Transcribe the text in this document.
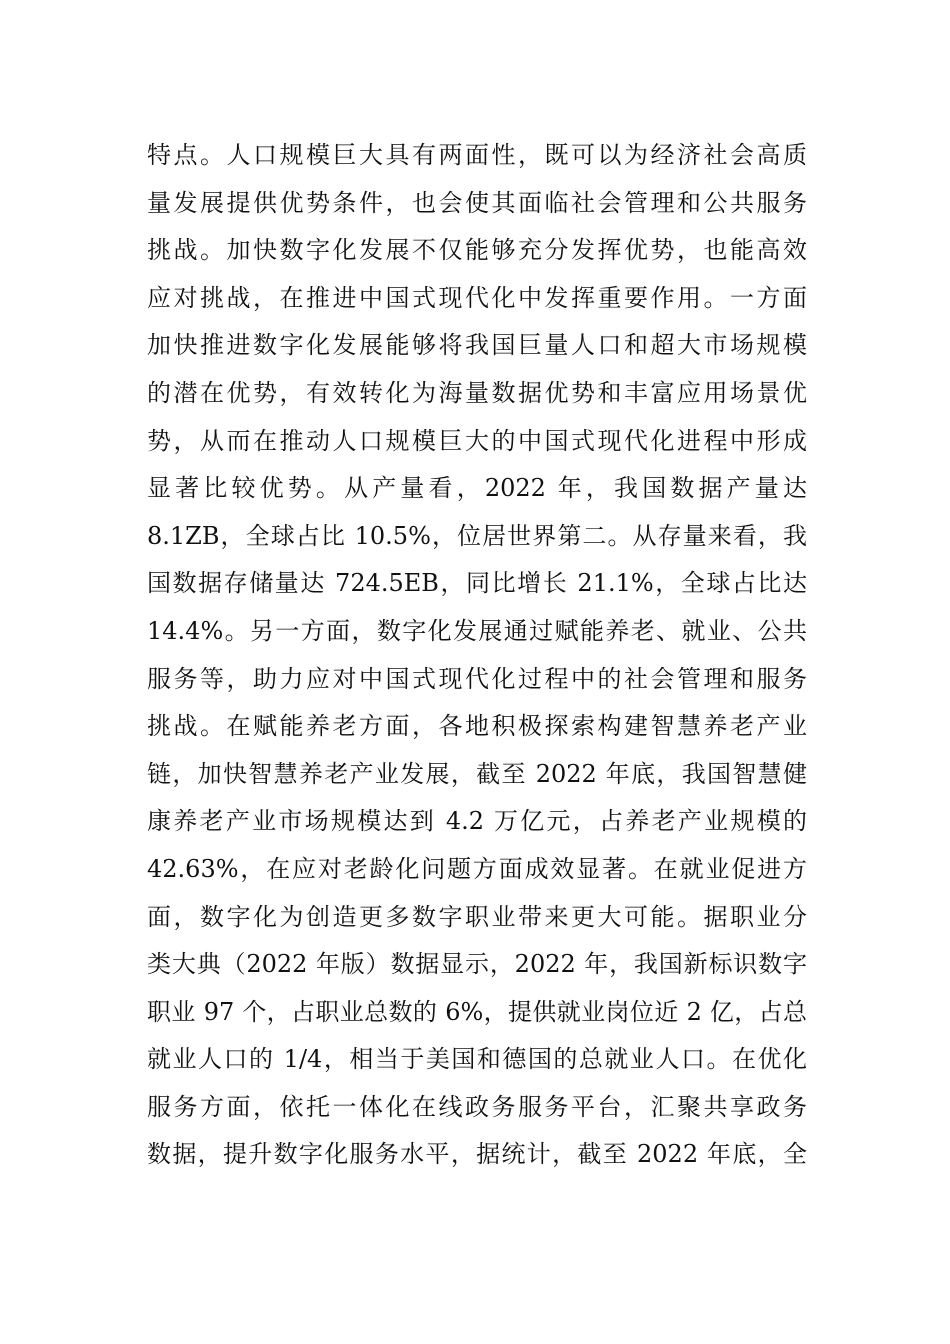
特点。人口规模巨大具有两面性，既可以为经济社会高质
量发展提供优势条件，也会使其面临社会管理和公共服务
挑战。加快数字化发展不仅能够充分发挥优势，也能高效
应对挑战，在推进中国式现代化中发挥重要作用。一方面
加快推进数字化发展能够将我国巨量人口和超大市场规模
的潜在优势，有效转化为海量数据优势和丰富应用场景优
势，从而在推动人口规模巨大的中国式现代化进程中形成
显著比较优势。从产量看，2022 年，我国数据产量达
8.1ZB，全球占比 10.5%，位居世界第二。从存量来看，我
国数据存储量达 724.5EB，同比增长 21.1%，全球占比达
14.4%。另一方面，数字化发展通过赋能养老、就业、公共
服务等，助力应对中国式现代化过程中的社会管理和服务
挑战。在赋能养老方面，各地积极探索构建智慧养老产业
链，加快智慧养老产业发展，截至 2022 年底，我国智慧健
康养老产业市场规模达到 4.2 万亿元，占养老产业规模的
42.63%，在应对老龄化问题方面成效显著。在就业促进方
面，数字化为创造更多数字职业带来更大可能。据职业分
类大典（2022 年版）数据显示，2022 年，我国新标识数字
职业 97 个，占职业总数的 6%，提供就业岗位近 2 亿，占总
就业人口的 1/4，相当于美国和德国的总就业人口。在优化
服务方面，依托一体化在线政务服务平台，汇聚共享政务
数据，提升数字化服务水平，据统计，截至 2022 年底，全
